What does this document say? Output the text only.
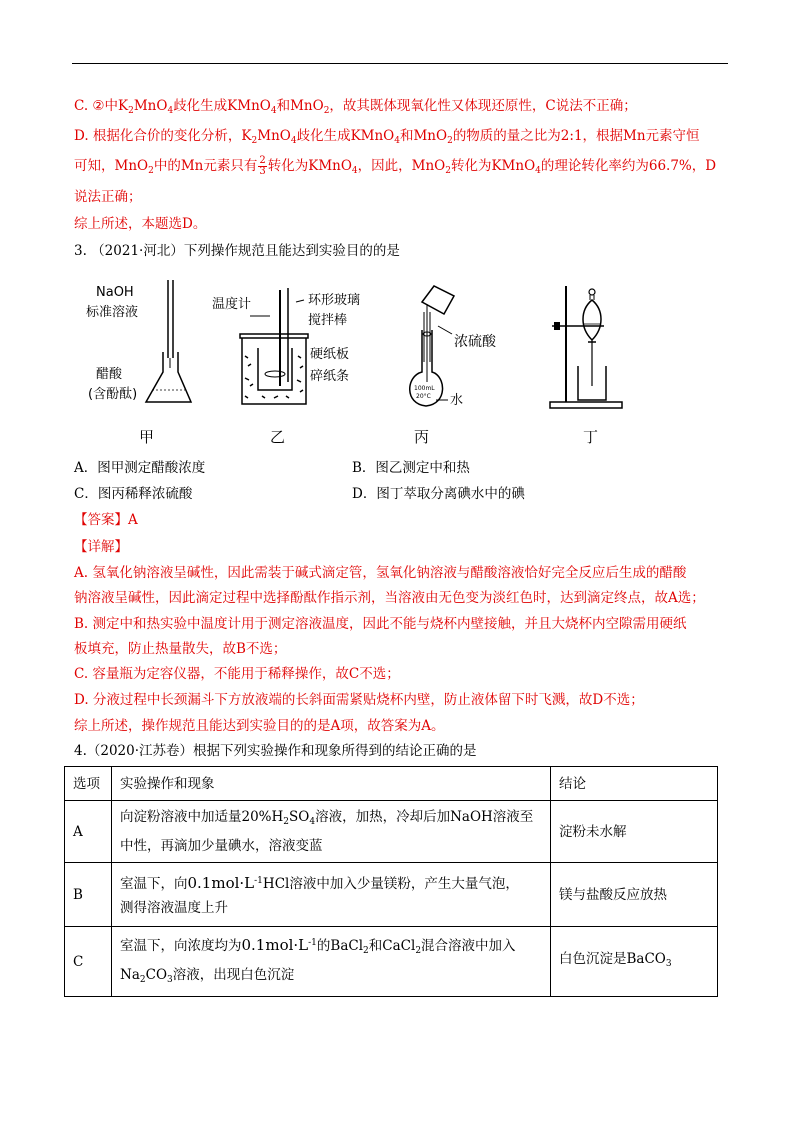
C. ②中$K_2MnO_4$歧化生成KMnO$_4$和MnO$_2$，故其既体现氧化性又体现还原性，C说法不正确；
D. 根据化合价的变化分析，$K_2MnO_4$歧化生成KMnO$_4$和MnO$_2$的物质的量之比为2:1，根据Mn元素守恒
可知，MnO$_2$中的Mn元素只有 $\frac{2}{3}$ 转化为KMnO$_4$，因此，MnO$_2$转化为KMnO$_4$的理论转化率约为66.7%，D
说法正确；
综上所述，本题选D。
3. （2021·河北）下列操作规范且能达到实验目的的是
NaOH
标准溶液
醋酸
(含酚酞)
温度计	环形玻璃
搅拌棒
硬纸板
碎纸条
100mL
20°C
浓硫酸
水
甲	乙	丙	丁
A．图甲测定醋酸浓度	B．图乙测定中和热
C．图丙稀释浓硫酸	D．图丁萃取分离碘水中的碘
【答案】A
【详解】
A. 氢氧化钠溶液呈碱性，因此需装于碱式滴定管，氢氧化钠溶液与醋酸溶液恰好完全反应后生成的醋酸
钠溶液呈碱性，因此滴定过程中选择酚酞作指示剂，当溶液由无色变为淡红色时，达到滴定终点，故A选；
B. 测定中和热实验中温度计用于测定溶液温度，因此不能与烧杯内壁接触，并且大烧杯内空隙需用硬纸
板填充，防止热量散失，故B不选；
C. 容量瓶为定容仪器，不能用于稀释操作，故C不选；
D. 分液过程中长颈漏斗下方放液端的长斜面需紧贴烧杯内壁，防止液体留下时飞溅，故D不选；
综上所述，操作规范且能达到实验目的的是A项，故答案为A。
4.（2020·江苏卷）根据下列实验操作和现象所得到的结论正确的是
选项	实验操作和现象	结论
A	向淀粉溶液中加适量$20\%H_2SO_4$溶液，加热，冷却后加NaOH溶液至
中性，再滴加少量碘水，溶液变蓝	淀粉未水解
B	室温下，向$0.1mol\cdot L^{-1}HCl$溶液中加入少量镁粉，产生大量气泡，
测得溶液温度上升	镁与盐酸反应放热
C	室温下，向浓度均为$0.1mol\cdot L^{-1}$的BaCl$_2$和CaCl$_2$混合溶液中加入
$Na_2CO_3$溶液，出现白色沉淀	白色沉淀是BaCO$_3$
